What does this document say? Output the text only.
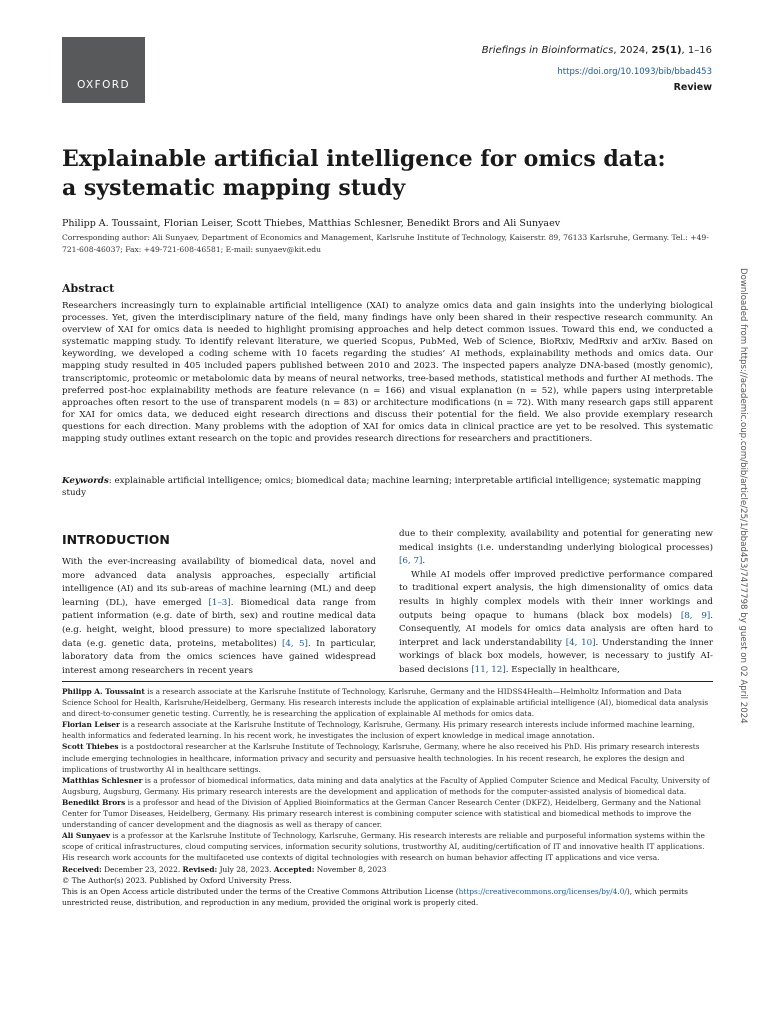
OXFORD
Briefings in Bioinformatics, 2024, 25(1), 1–16
https://doi.org/10.1093/bib/bbad453
Review
Explainable artificial intelligence for omics data:
a systematic mapping study
Philipp A. Toussaint, Florian Leiser, Scott Thiebes, Matthias Schlesner, Benedikt Brors and Ali Sunyaev
Corresponding author: Ali Sunyaev, Department of Economics and Management, Karlsruhe Institute of Technology, Kaiserstr. 89, 76133 Karlsruhe, Germany. Tel.: +49-721-608-46037; Fax: +49-721-608-46581; E-mail: sunyaev@kit.edu
Abstract
Researchers increasingly turn to explainable artificial intelligence (XAI) to analyze omics data and gain insights into the underlying biological processes. Yet, given the interdisciplinary nature of the field, many findings have only been shared in their respective research community. An overview of XAI for omics data is needed to highlight promising approaches and help detect common issues. Toward this end, we conducted a systematic mapping study. To identify relevant literature, we queried Scopus, PubMed, Web of Science, BioRxiv, MedRxiv and arXiv. Based on keywording, we developed a coding scheme with 10 facets regarding the studies’ AI methods, explainability methods and omics data. Our mapping study resulted in 405 included papers published between 2010 and 2023. The inspected papers analyze DNA-based (mostly genomic), transcriptomic, proteomic or metabolomic data by means of neural networks, tree-based methods, statistical methods and further AI methods. The preferred post-hoc explainability methods are feature relevance (n = 166) and visual explanation (n = 52), while papers using interpretable approaches often resort to the use of transparent models (n = 83) or architecture modifications (n = 72). With many research gaps still apparent for XAI for omics data, we deduced eight research directions and discuss their potential for the field. We also provide exemplary research questions for each direction. Many problems with the adoption of XAI for omics data in clinical practice are yet to be resolved. This systematic mapping study outlines extant research on the topic and provides research directions for researchers and practitioners.
Keywords: explainable artificial intelligence; omics; biomedical data; machine learning; interpretable artificial intelligence; systematic mapping study
INTRODUCTION

With the ever-increasing availability of biomedical data, novel and more advanced data analysis approaches, especially artificial intelligence (AI) and its sub-areas of machine learning (ML) and deep learning (DL), have emerged [1–3]. Biomedical data range from patient information (e.g. date of birth, sex) and routine medical data (e.g. height, weight, blood pressure) to more specialized laboratory data (e.g. genetic data, proteins, metabolites) [4, 5]. In particular, laboratory data from the omics sciences have gained widespread interest among researchers in recent years

due to their complexity, availability and potential for generating new medical insights (i.e. understanding underlying biological processes) [6, 7].

While AI models offer improved predictive performance compared to traditional expert analysis, the high dimensionality of omics data results in highly complex models with their inner workings and outputs being opaque to humans (black box models) [8, 9]. Consequently, AI models for omics data analysis are often hard to interpret and lack understandability [4, 10]. Understanding the inner workings of black box models, however, is necessary to justify AI-based decisions [11, 12]. Especially in healthcare,

Philipp A. Toussaint is a research associate at the Karlsruhe Institute of Technology, Karlsruhe, Germany and the HIDSS4Health—Helmholtz Information and Data Science School for Health, Karlsruhe/Heidelberg, Germany. His research interests include the application of explainable artificial intelligence (AI), biomedical data analysis and direct-to-consumer genetic testing. Currently, he is researching the application of explainable AI methods for omics data.

Florian Leiser is a research associate at the Karlsruhe Institute of Technology, Karlsruhe, Germany. His primary research interests include informed machine learning, health informatics and federated learning. In his recent work, he investigates the inclusion of expert knowledge in medical image annotation.

Scott Thiebes is a postdoctoral researcher at the Karlsruhe Institute of Technology, Karlsruhe, Germany, where he also received his PhD. His primary research interests include emerging technologies in healthcare, information privacy and security and persuasive health technologies. In his recent research, he explores the design and implications of trustworthy AI in healthcare settings.

Matthias Schlesner is a professor of biomedical informatics, data mining and data analytics at the Faculty of Applied Computer Science and Medical Faculty, University of Augsburg, Augsburg, Germany. His primary research interests are the development and application of methods for the computer-assisted analysis of biomedical data.

Benedikt Brors is a professor and head of the Division of Applied Bioinformatics at the German Cancer Research Center (DKFZ), Heidelberg, Germany and the National Center for Tumor Diseases, Heidelberg, Germany. His primary research interest is combining computer science with statistical and biomedical methods to improve the understanding of cancer development and the diagnosis as well as therapy of cancer.

Ali Sunyaev is a professor at the Karlsruhe Institute of Technology, Karlsruhe, Germany. His research interests are reliable and purposeful information systems within the scope of critical infrastructures, cloud computing services, information security solutions, trustworthy AI, auditing/certification of IT and innovative health IT applications. His research work accounts for the multifaceted use contexts of digital technologies with research on human behavior affecting IT applications and vice versa.

Received: December 23, 2022. Revised: July 28, 2023. Accepted: November 8, 2023

© The Author(s) 2023. Published by Oxford University Press.

This is an Open Access article distributed under the terms of the Creative Commons Attribution License (https://creativecommons.org/licenses/by/4.0/), which permits unrestricted reuse, distribution, and reproduction in any medium, provided the original work is properly cited.

Downloaded from https://academic.oup.com/bib/article/25/1/bbad453/7477798 by guest on 02 April 2024
